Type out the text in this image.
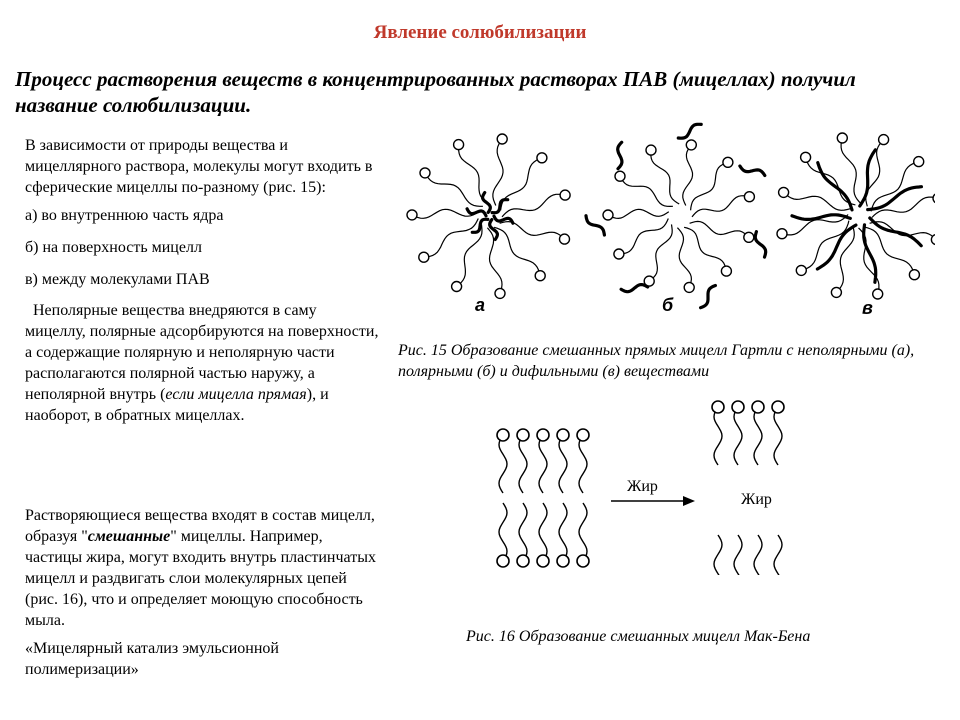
Явление солюбилизации
Процесс растворения веществ в концентрированных растворах ПАВ (мицеллах) получил название солюбилизации.

В зависимости от природы вещества и мицеллярного раствора, молекулы могут входить в сферические мицеллы по-разному (рис. 15):

а) во внутреннюю часть ядра

б) на поверхность мицелл

в) между молекулами ПАВ

Неполярные вещества внедряются в саму мицеллу, полярные адсорбируются на поверхности, а содержащие полярную и неполярную части располагаются полярной частью наружу, а неполярной внутрь (если мицелла прямая), и наоборот, в обратных мицеллах.

Растворяющиеся вещества входят в состав мицелл, образуя "смешанные" мицеллы. Например, частицы жира, могут входить внутрь пластинчатых мицелл и раздвигать слои молекулярных цепей (рис. 16), что и определяет моющую способность мыла.

«Мицелярный катализ эмульсионной полимеризации»

а	б	в
Рис. 15 Образование смешанных прямых мицелл Гартли с неполярными (а), полярными (б) и дифильными (в) веществами
Жир
Жир
Рис. 16 Образование смешанных мицелл Мак-Бена
